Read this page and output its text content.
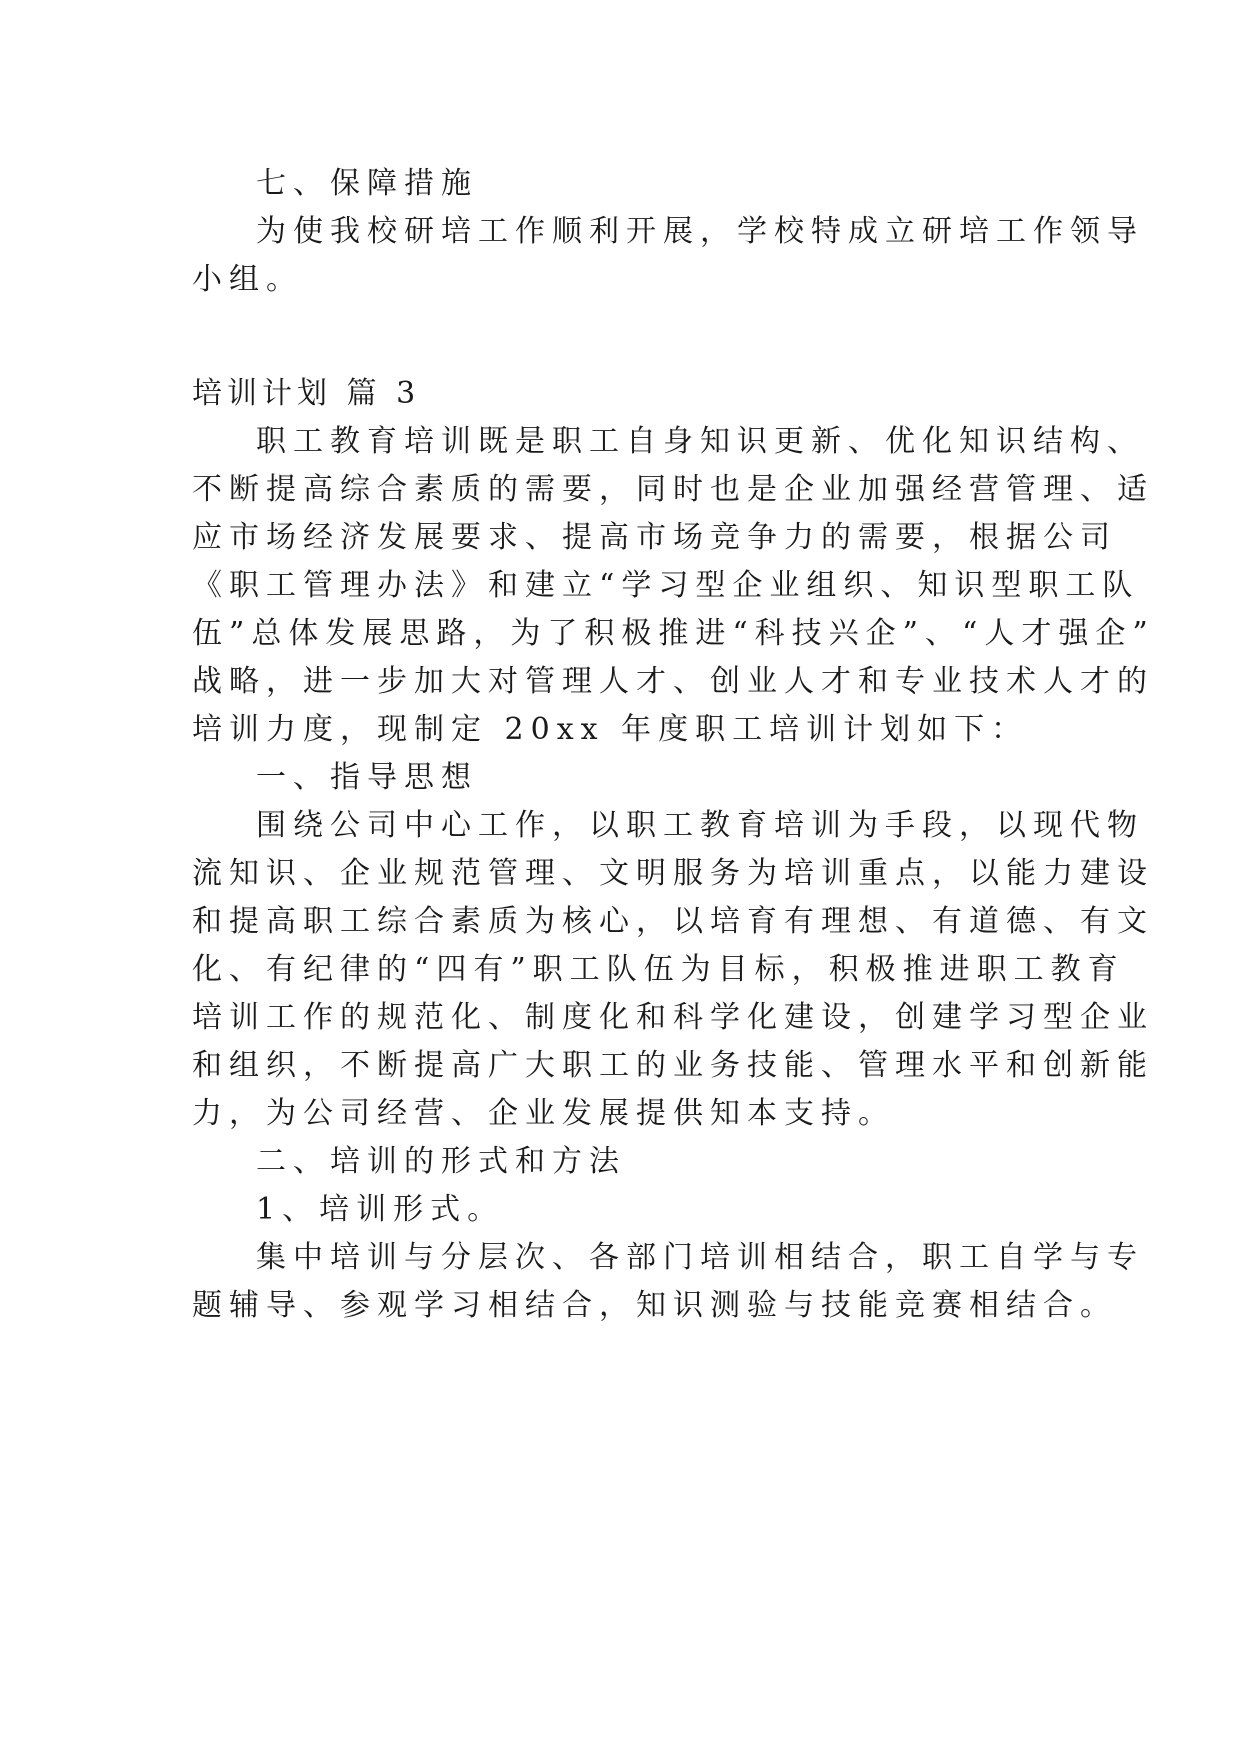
七、保障措施

为使我校研培工作顺利开展，学校特成立研培工作领导

小组。

培训计划 篇 3

职工教育培训既是职工自身知识更新、优化知识结构、

不断提高综合素质的需要，同时也是企业加强经营管理、适

应市场经济发展要求、提高市场竞争力的需要，根据公司

《职工管理办法》和建立“学习型企业组织、知识型职工队

伍”总体发展思路，为了积极推进“科技兴企”、“人才强企”

战略，进一步加大对管理人才、创业人才和专业技术人才的

培训力度，现制定 20xx 年度职工培训计划如下：

一、指导思想

围绕公司中心工作，以职工教育培训为手段，以现代物

流知识、企业规范管理、文明服务为培训重点，以能力建设

和提高职工综合素质为核心，以培育有理想、有道德、有文

化、有纪律的“四有”职工队伍为目标，积极推进职工教育

培训工作的规范化、制度化和科学化建设，创建学习型企业

和组织，不断提高广大职工的业务技能、管理水平和创新能

力，为公司经营、企业发展提供知本支持。

二、培训的形式和方法

1、培训形式。

集中培训与分层次、各部门培训相结合，职工自学与专

题辅导、参观学习相结合，知识测验与技能竞赛相结合。
